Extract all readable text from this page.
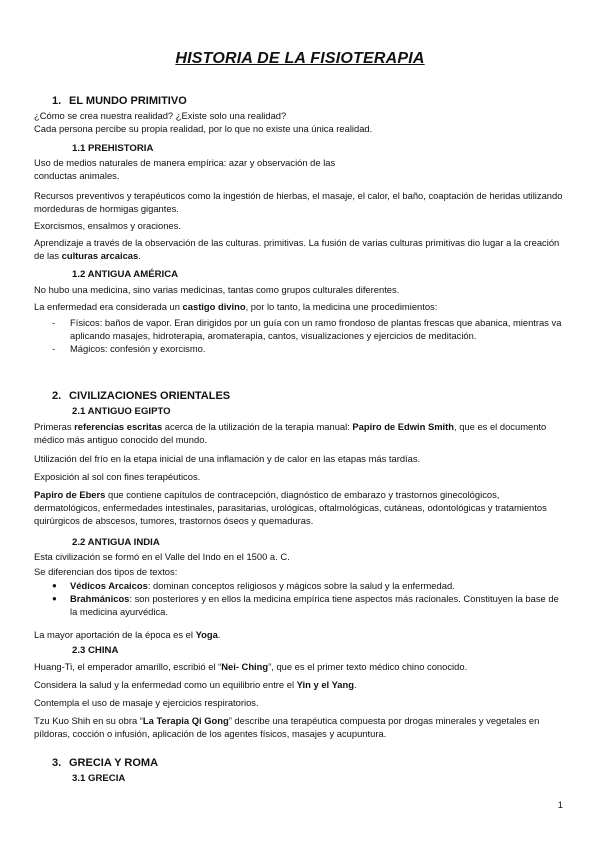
HISTORIA DE LA FISIOTERAPIA
1. EL MUNDO PRIMITIVO
¿Cómo se crea nuestra realidad? ¿Existe solo una realidad?
Cada persona percibe su propia realidad, por lo que no existe una única realidad.
1.1 PREHISTORIA
Uso de medios naturales de manera empírica: azar y observación de las
conductas animales.
Recursos preventivos y terapéuticos como la ingestión de hierbas, el masaje, el calor, el baño, coaptación de heridas utilizando mordeduras de hormigas gigantes.
Exorcismos, ensalmos y oraciones.
Aprendizaje a través de la observación de las culturas. primitivas. La fusión de varias culturas primitivas dio lugar a la creación de las culturas arcaicas.
1.2 ANTIGUA AMÉRICA
No hubo una medicina, sino varias medicinas, tantas como grupos culturales diferentes.
La enfermedad era considerada un castigo divino, por lo tanto, la medicina une procedimientos:
-	Físicos: baños de vapor. Eran dirigidos por un guía con un ramo frondoso de plantas frescas que abanica, mientras va aplicando masajes, hidroterapia, aromaterapia, cantos, visualizaciones y ejercicios de meditación.
-	Mágicos: confesión y exorcismo.
2. CIVILIZACIONES ORIENTALES
2.1 ANTIGUO EGIPTO
Primeras referencias escritas acerca de la utilización de la terapia manual: Papiro de Edwin Smith, que es el documento médico más antiguo conocido del mundo.
Utilización del frío en la etapa inicial de una inflamación y de calor en las etapas más tardías.
Exposición al sol con fines terapéuticos.
Papiro de Ebers que contiene capítulos de contracepción, diagnóstico de embarazo y trastornos ginecológicos, dermatológicos, enfermedades intestinales, parasitarias, urológicas, oftalmológicas, cutáneas, odontológicas y tratamientos quirúrgicos de abscesos, tumores, trastornos óseos y quemaduras.
2.2 ANTIGUA INDIA
Esta civilización se formó en el Valle del Indo en el 1500 a. C.
Se diferencian dos tipos de textos:
●	Védicos Arcaicos: dominan conceptos religiosos y mágicos sobre la salud y la enfermedad.
●	Brahmánicos: son posteriores y en ellos la medicina empírica tiene aspectos más racionales. Constituyen la base de la medicina ayurvédica.
La mayor aportación de la época es el Yoga.
2.3 CHINA
Huang-Ti, el emperador amarillo, escribió el “Nei- Ching”, que es el primer texto médico chino conocido.
Considera la salud y la enfermedad como un equilibrio entre el Yin y el Yang.
Contempla el uso de masaje y ejercicios respiratorios.
Tzu Kuo Shih en su obra “La Terapia Qi Gong” describe una terapéutica compuesta por drogas minerales y vegetales en píldoras, cocción o infusión, aplicación de los agentes físicos, masajes y acupuntura.
3. GRECIA Y ROMA
3.1 GRECIA
1
